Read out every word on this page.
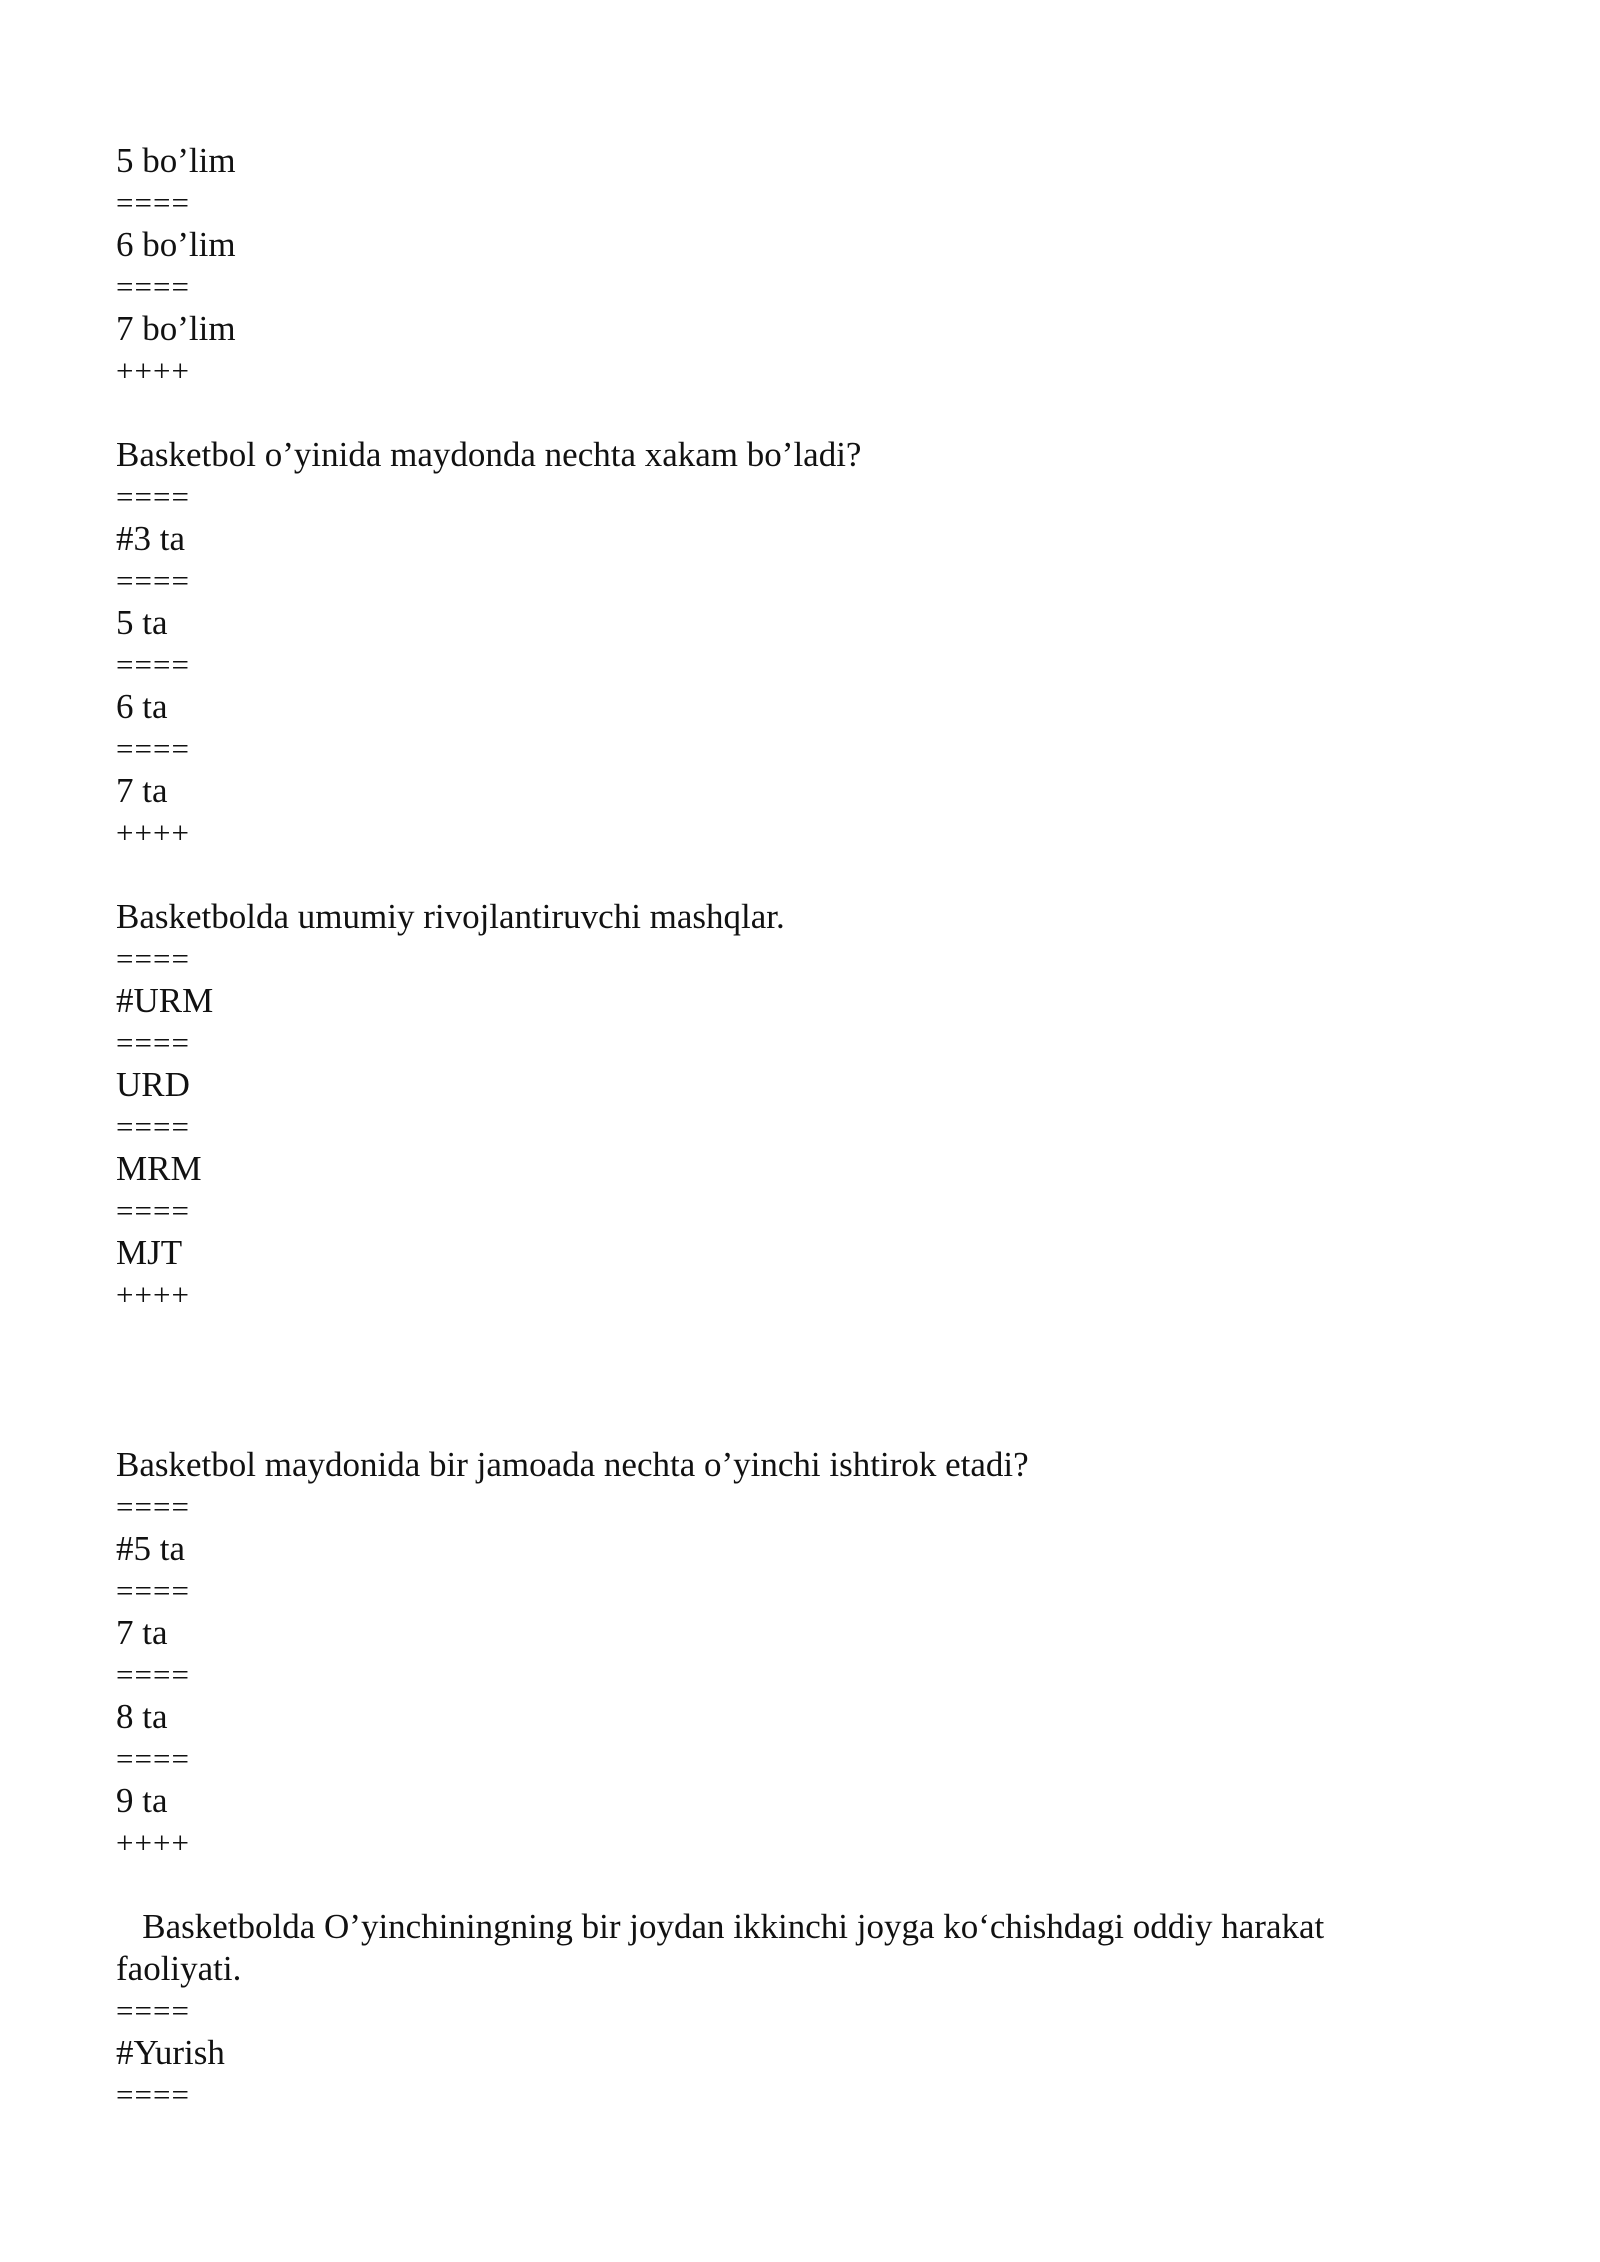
5 bo’lim
====
6 bo’lim
====
7 bo’lim
++++
Basketbol o’yinida maydonda nechta xakam bo’ladi?
====
#3 ta
====
5 ta
====
6 ta
====
7 ta
++++
Basketbolda umumiy rivojlantiruvchi mashqlar.
====
#URM
====
URD
====
MRM
====
MJT
++++
Basketbol maydonida bir jamoada nechta o’yinchi ishtirok etadi?
====
#5 ta
====
7 ta
====
8 ta
====
9 ta
++++
Basketbolda O’yinchiningning bir joydan ikkinchi joyga ko‘chishdagi oddiy harakat faoliyati.
====
#Yurish
====
